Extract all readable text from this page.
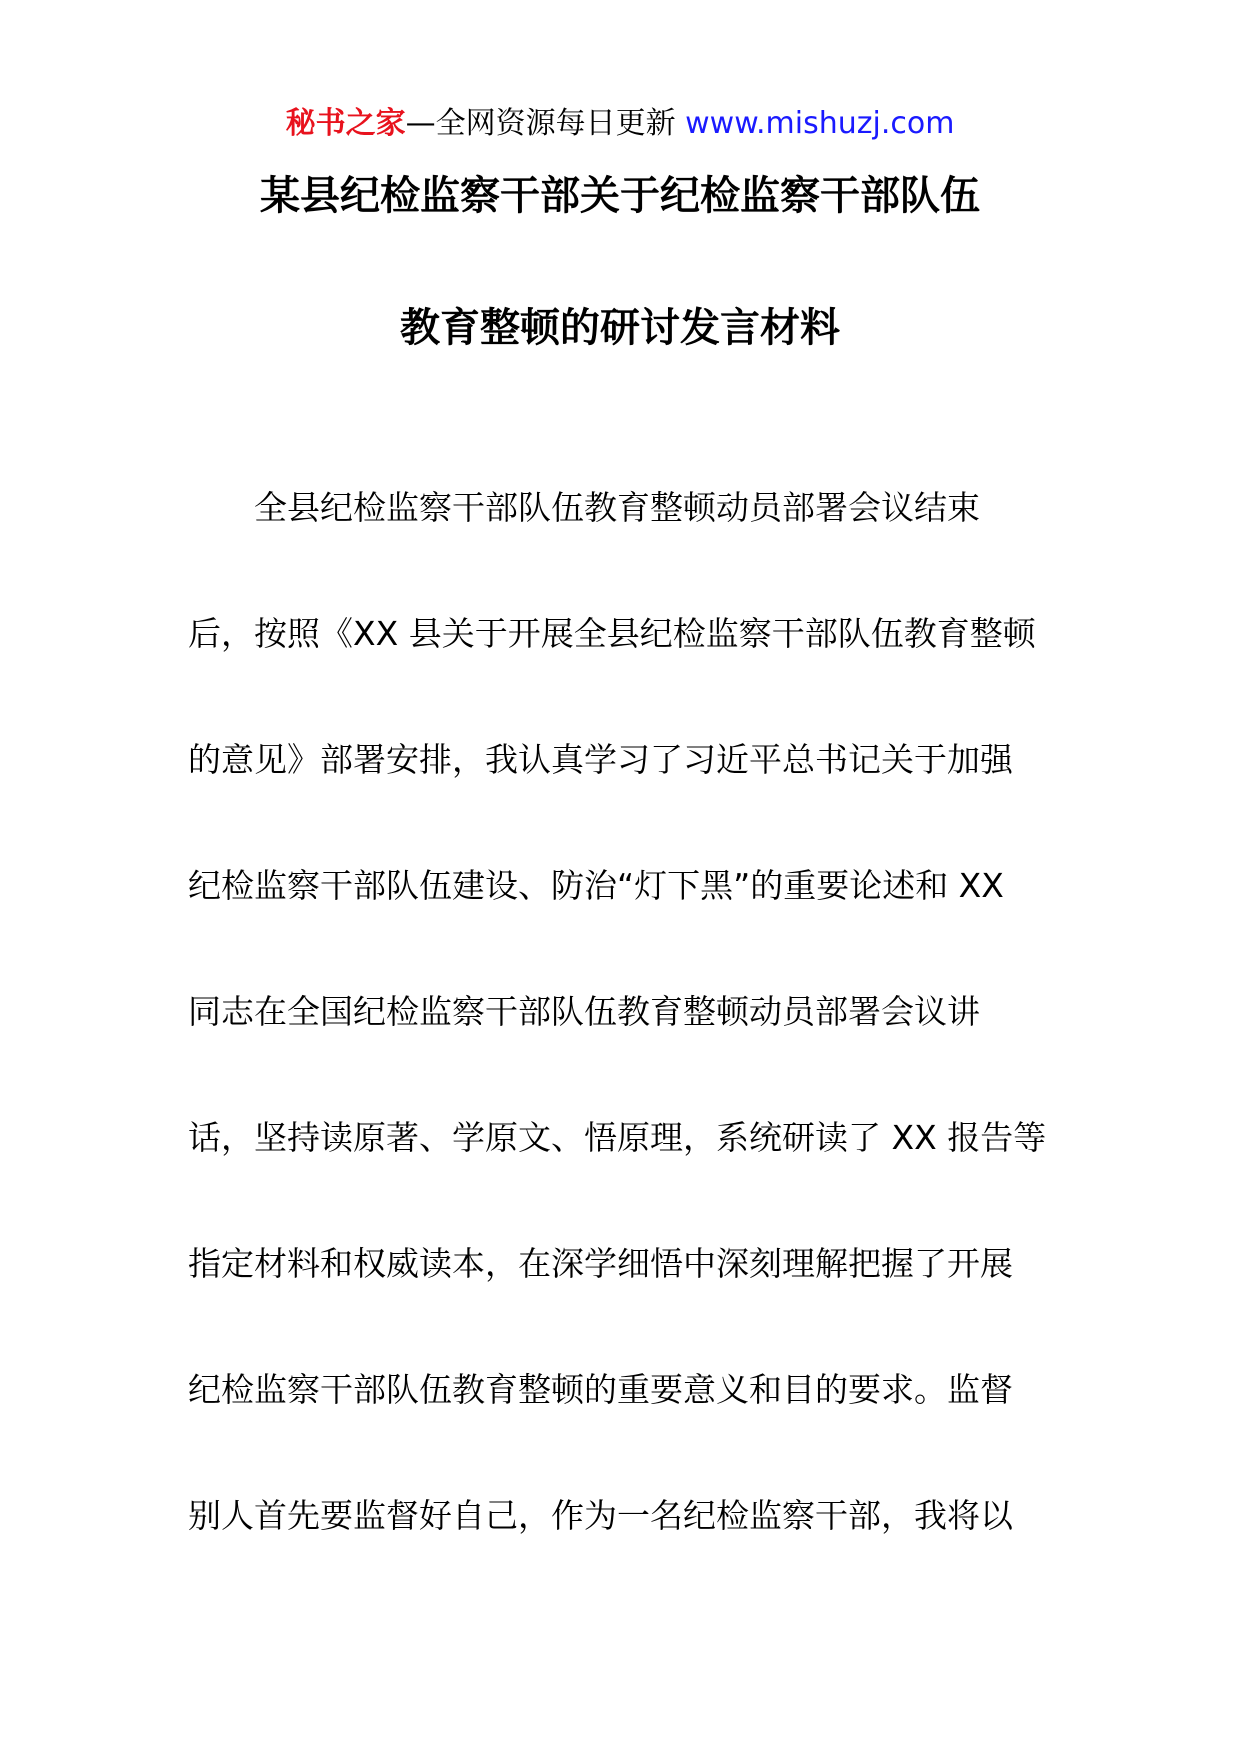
秘书之家—全网资源每日更新 www.mishuzj.com
某县纪检监察干部关于纪检监察干部队伍
教育整顿的研讨发言材料
全县纪检监察干部队伍教育整顿动员部署会议结束
后，按照《XX 县关于开展全县纪检监察干部队伍教育整顿
的意见》部署安排，我认真学习了习近平总书记关于加强
纪检监察干部队伍建设、防治“灯下黑”的重要论述和 XX
同志在全国纪检监察干部队伍教育整顿动员部署会议讲
话，坚持读原著、学原文、悟原理，系统研读了 XX 报告等
指定材料和权威读本，在深学细悟中深刻理解把握了开展
纪检监察干部队伍教育整顿的重要意义和目的要求。监督
别人首先要监督好自己，作为一名纪检监察干部，我将以
